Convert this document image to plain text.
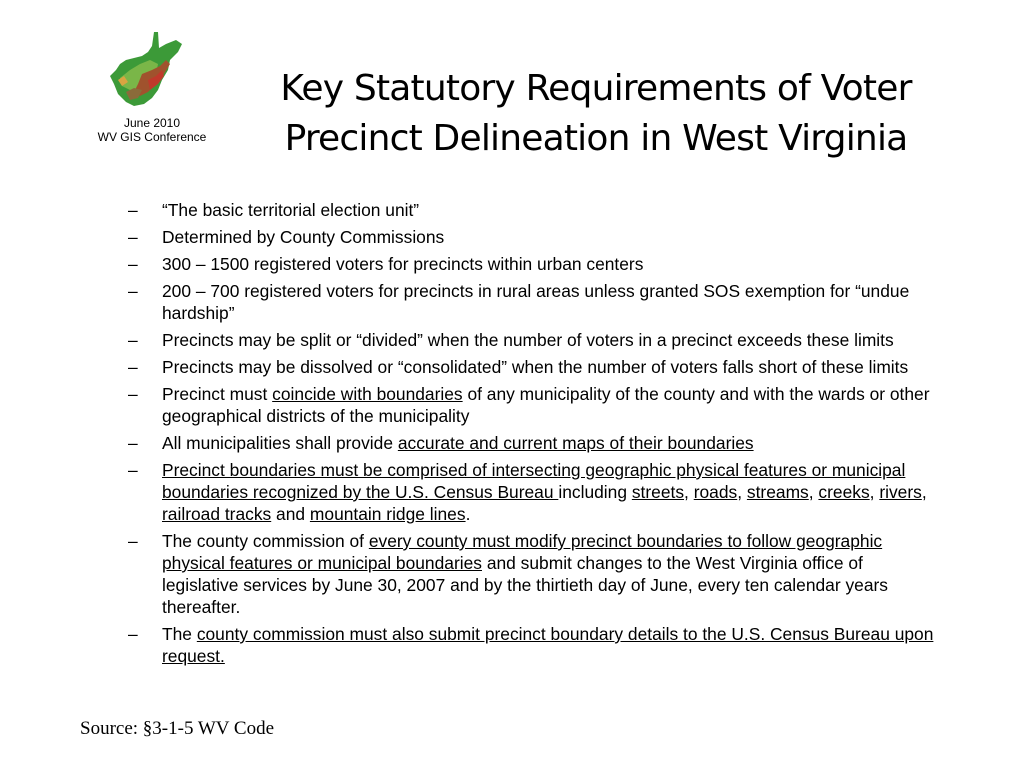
June 2010
WV GIS Conference
Key Statutory Requirements of Voter
Precinct Delineation in West Virginia
– “The basic territorial election unit”
– Determined by County Commissions
– 300 – 1500 registered voters for precincts within urban centers
– 200 – 700 registered voters for precincts in rural areas unless granted SOS exemption for “undue hardship”
– Precincts may be split or “divided” when the number of voters in a precinct exceeds these limits
– Precincts may be dissolved or “consolidated” when the number of voters falls short of these limits
– Precinct must coincide with boundaries of any municipality of the county and with the wards or other geographical districts of the municipality
– All municipalities shall provide accurate and current maps of their boundaries
– Precinct boundaries must be comprised of intersecting geographic physical features or municipal boundaries recognized by the U.S. Census Bureau including streets, roads, streams, creeks, rivers, railroad tracks and mountain ridge lines.
– The county commission of every county must modify precinct boundaries to follow geographic physical features or municipal boundaries and submit changes to the West Virginia office of legislative services by June 30, 2007 and by the thirtieth day of June, every ten calendar years thereafter.
– The county commission must also submit precinct boundary details to the U.S. Census Bureau upon request.
Source: §3-1-5 WV Code
